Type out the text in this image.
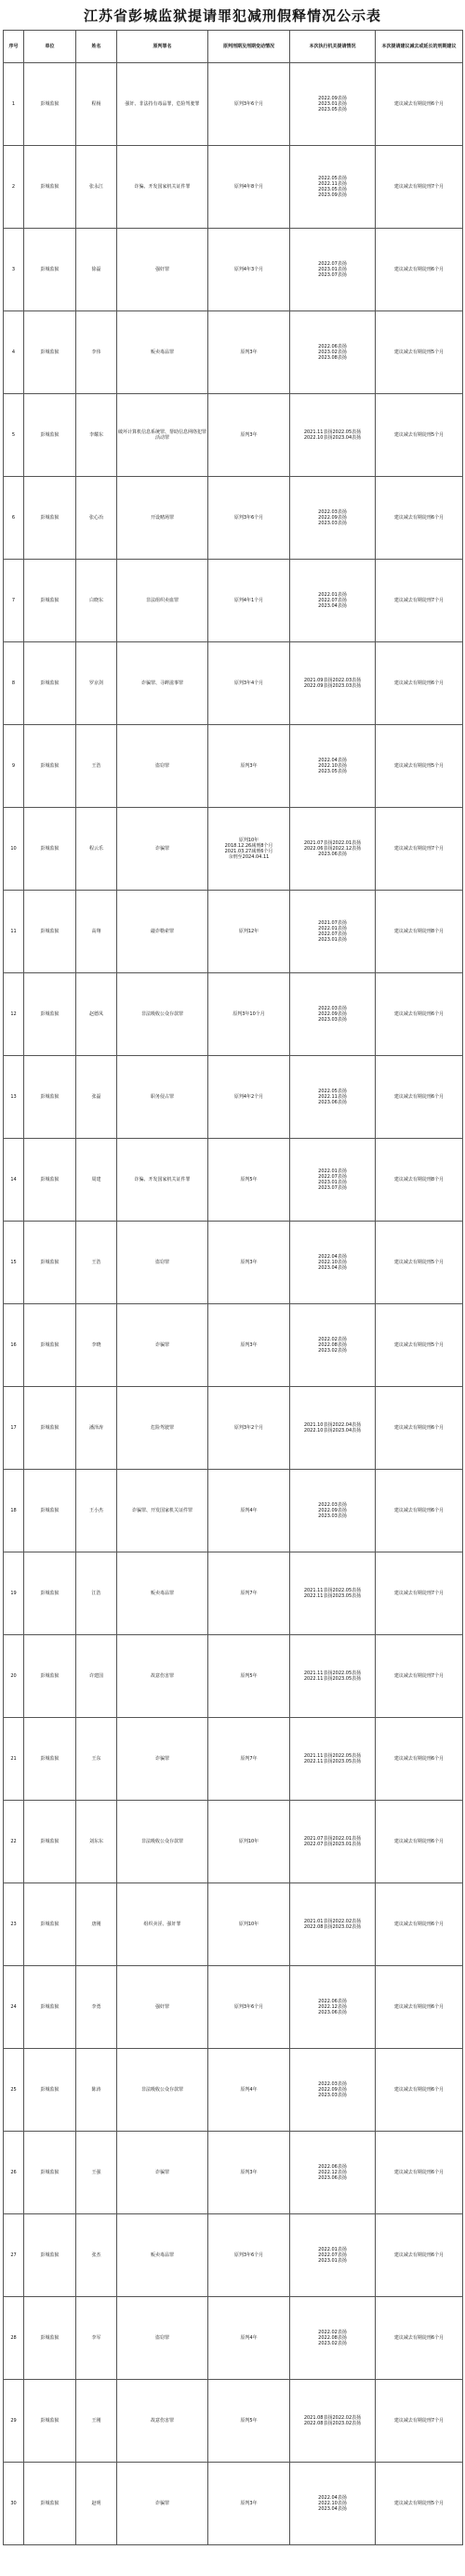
江苏省彭城监狱提请罪犯减刑假释情况公示表
序号	单位	姓名	原判罪名	原判刑期及刑期变动情况	本次执行机关提请情况	本次提请建议减去或延长的刑期建议
1	彭城监狱	程杨	强奸、非法持有毒品罪，危险驾驶罪	原判3年6个月	2022.09表扬
2023.01表扬
2023.05表扬	建议减去有期徒刑6个月
2	彭城监狱	张永江	诈骗、开发国家机关证件罪	原判4年8个月	2022.05表扬
2022.11表扬
2023.05表扬
2023.09表扬	建议减去有期徒刑7个月
3	彭城监狱	徐磊	强奸罪	原判4年3个月	2022.07表扬
2023.01表扬
2023.07表扬	建议减去有期徒刑6个月
4	彭城监狱	李伟	贩卖毒品罪	原判3年	2022.06表扬
2023.02表扬
2023.08表扬	建议减去有期徒刑5个月
5	彭城监狱	李耀东	破坏计算机信息系统罪、帮助信息网络犯罪活动罪	原判3年	2021.11表扬2022.05表扬
2022.10表扬2023.04表扬	建议减去有期徒刑5个月
6	彭城监狱	张心冶	开设赌场罪	原判3年6个月	2022.03表扬
2022.09表扬
2023.03表扬	建议减去有期徒刑6个月
7	彭城监狱	白晓东	非法组织卖血罪	原判4年1个月	2022.01表扬
2022.07表扬
2023.04表扬	建议减去有期徒刑7个月
8	彭城监狱	罗京剑	诈骗罪、寻衅滋事罪	原判3年4个月	2021.09表扬2022.03表扬
2022.09表扬2023.03表扬	建议减去有期徒刑6个月
9	彭城监狱	王浩	盗窃罪	原判3年	2022.04表扬
2022.10表扬
2023.05表扬	建议减去有期徒刑5个月
10	彭城监狱	程云乐	诈骗罪	原判10年
2018.12.26减刑8个月
2021.03.27减刑6个月
余刑至2024.04.11	2021.07表扬2022.01表扬
2022.06表扬2022.12表扬
2023.06表扬	建议减去有期徒刑7个月
11	彭城监狱	高翔	敲诈勒索罪	原判12年	2021.07表扬
2022.01表扬
2022.07表扬
2023.01表扬	建议减去有期徒刑8个月
12	彭城监狱	赵德凤	非法吸收公众存款罪	原判3年10个月	2022.03表扬
2022.09表扬
2023.03表扬	建议减去有期徒刑6个月
13	彭城监狱	张磊	职务侵占罪	原判4年2个月	2022.05表扬
2022.11表扬
2023.06表扬	建议减去有期徒刑6个月
14	彭城监狱	周建	诈骗、开发国家机关证件罪	原判5年	2022.01表扬
2022.07表扬
2023.01表扬
2023.07表扬	建议减去有期徒刑8个月
15	彭城监狱	王浩	盗窃罪	原判3年	2022.04表扬
2022.10表扬
2023.04表扬	建议减去有期徒刑5个月
16	彭城监狱	李晓	诈骗罪	原判3年	2022.02表扬
2022.08表扬
2023.02表扬	建议减去有期徒刑5个月
17	彭城监狱	潘泽涛	危险驾驶罪	原判3年2个月	2021.10表扬2022.04表扬
2022.10表扬2023.04表扬	建议减去有期徒刑6个月
18	彭城监狱	王小杰	诈骗罪、开发国家机关证件罪	原判4年	2022.03表扬
2022.09表扬
2023.03表扬	建议减去有期徒刑6个月
19	彭城监狱	江浩	贩卖毒品罪	原判7年	2021.11表扬2022.05表扬
2022.11表扬2023.05表扬	建议减去有期徒刑7个月
20	彭城监狱	许建国	故意伤害罪	原判5年	2021.11表扬2022.05表扬
2022.11表扬2023.05表扬	建议减去有期徒刑7个月
21	彭城监狱	王东	诈骗罪	原判7年	2021.11表扬2022.05表扬
2022.11表扬2023.05表扬	建议减去有期徒刑6个月
22	彭城监狱	刘东东	非法吸收公众存款罪	原判10年	2021.07表扬2022.01表扬
2022.07表扬2023.01表扬	建议减去有期徒刑6个月
23	彭城监狱	唐刚	组织卖淫、强奸罪	原判10年	2021.01表扬2022.02表扬
2022.08表扬2023.02表扬	建议减去有期徒刑6个月
24	彭城监狱	李勇	强奸罪	原判3年6个月	2022.06表扬
2022.12表扬
2023.06表扬	建议减去有期徒刑6个月
25	彭城监狱	陈涛	非法吸收公众存款罪	原判4年	2022.03表扬
2022.09表扬
2023.03表扬	建议减去有期徒刑6个月
26	彭城监狱	王强	诈骗罪	原判3年	2022.06表扬
2022.12表扬
2023.06表扬	建议减去有期徒刑6个月
27	彭城监狱	张杰	贩卖毒品罪	原判3年6个月	2022.01表扬
2022.07表扬
2023.01表扬	建议减去有期徒刑6个月
28	彭城监狱	李军	盗窃罪	原判4年	2022.02表扬
2022.08表扬
2023.02表扬	建议减去有期徒刑6个月
29	彭城监狱	王刚	故意伤害罪	原判5年	2021.08表扬2022.02表扬
2022.08表扬2023.02表扬	建议减去有期徒刑7个月
30	彭城监狱	赵明	诈骗罪	原判3年	2022.04表扬
2022.10表扬
2023.04表扬	建议减去有期徒刑5个月
